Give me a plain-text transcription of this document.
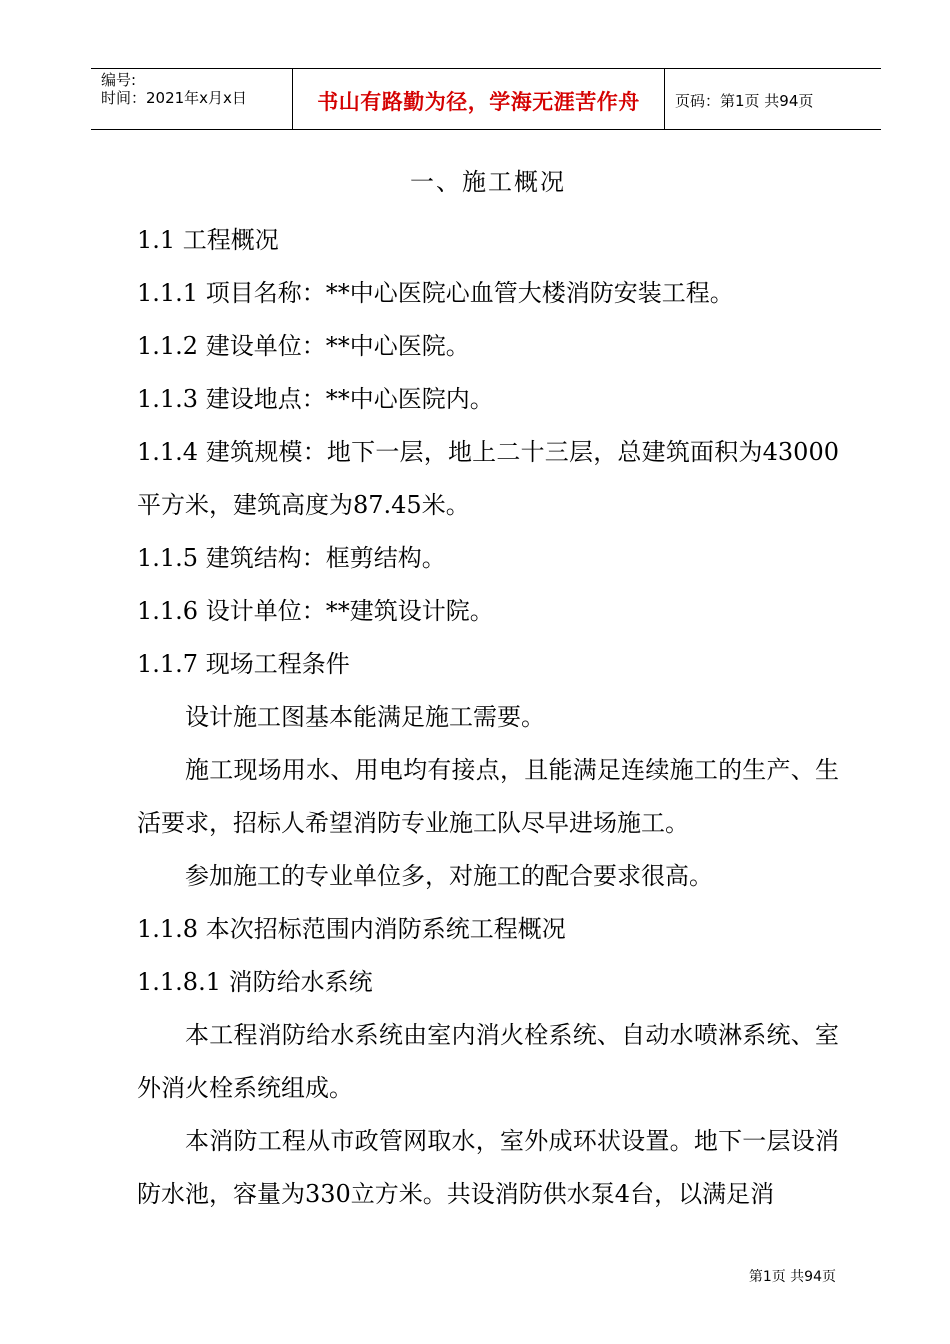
编号:
时间：2021年x月x日	书山有路勤为径，学海无涯苦作舟	页码：第1页 共94页
一、施工概况
1.1 工程概况
1.1.1 项目名称：**中心医院心血管大楼消防安装工程。
1.1.2 建设单位：**中心医院。
1.1.3 建设地点：**中心医院内。
1.1.4 建筑规模：地下一层，地上二十三层，总建筑面积为43000平方米，建筑高度为87.45米。
1.1.5 建筑结构：框剪结构。
1.1.6 设计单位：**建筑设计院。
1.1.7 现场工程条件
设计施工图基本能满足施工需要。
施工现场用水、用电均有接点，且能满足连续施工的生产、生活要求，招标人希望消防专业施工队尽早进场施工。
参加施工的专业单位多，对施工的配合要求很高。
1.1.8 本次招标范围内消防系统工程概况
1.1.8.1 消防给水系统
本工程消防给水系统由室内消火栓系统、自动水喷淋系统、室外消火栓系统组成。
本消防工程从市政管网取水，室外成环状设置。地下一层设消防水池，容量为330立方米。共设消防供水泵4台，以满足消
第1页 共94页
